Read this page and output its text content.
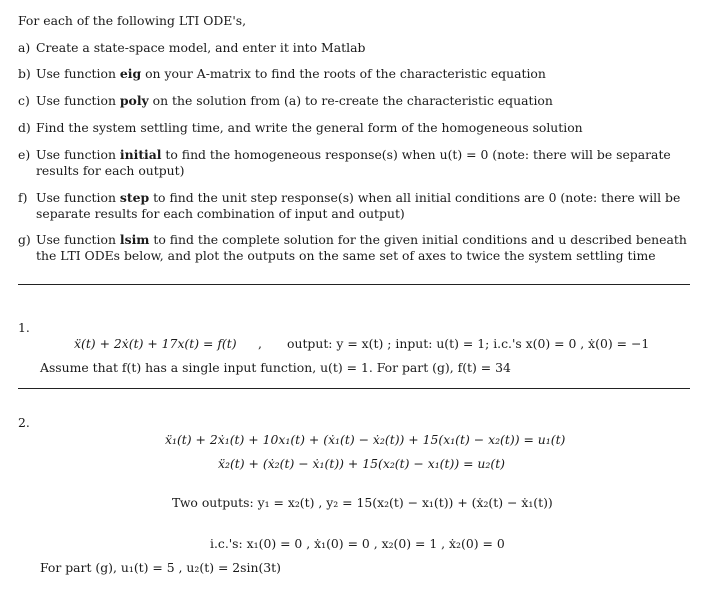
For each of the following LTI ODE's,
a) Create a state-space model, and enter it into Matlab
b) Use function eig on your A-matrix to find the roots of the characteristic equation
c) Use function poly on the solution from (a) to re-create the characteristic equation
d) Find the system settling time, and write the general form of the homogeneous solution
e) Use function initial to find the homogeneous response(s) when u(t) = 0 (note: there will be separate results for each output)
f) Use function step to find the unit step response(s) when all initial conditions are 0 (note: there will be separate results for each combination of input and output)
g) Use function lsim to find the complete solution for the given initial conditions and u described beneath the LTI ODEs below, and plot the outputs on the same set of axes to twice the system settling time
1.
ẍ(t) + 2ẋ(t) + 17x(t) = f(t) , output: y = x(t) ; input: u(t) = 1; i.c.'s x(0) = 0 , ẋ(0) = −1
Assume that f(t) has a single input function, u(t) = 1. For part (g), f(t) = 34
2.
ẍ₁(t) + 2ẋ₁(t) + 10x₁(t) + (ẋ₁(t) − ẋ₂(t)) + 15(x₁(t) − x₂(t)) = u₁(t)
ẍ₂(t) + (ẋ₂(t) − ẋ₁(t)) + 15(x₂(t) − x₁(t)) = u₂(t)
Two outputs: y₁ = x₂(t) , y₂ = 15(x₂(t) − x₁(t)) + (ẋ₂(t) − ẋ₁(t))
i.c.'s: x₁(0) = 0 , ẋ₁(0) = 0 , x₂(0) = 1 , ẋ₂(0) = 0
For part (g), u₁(t) = 5 , u₂(t) = 2sin(3t)
